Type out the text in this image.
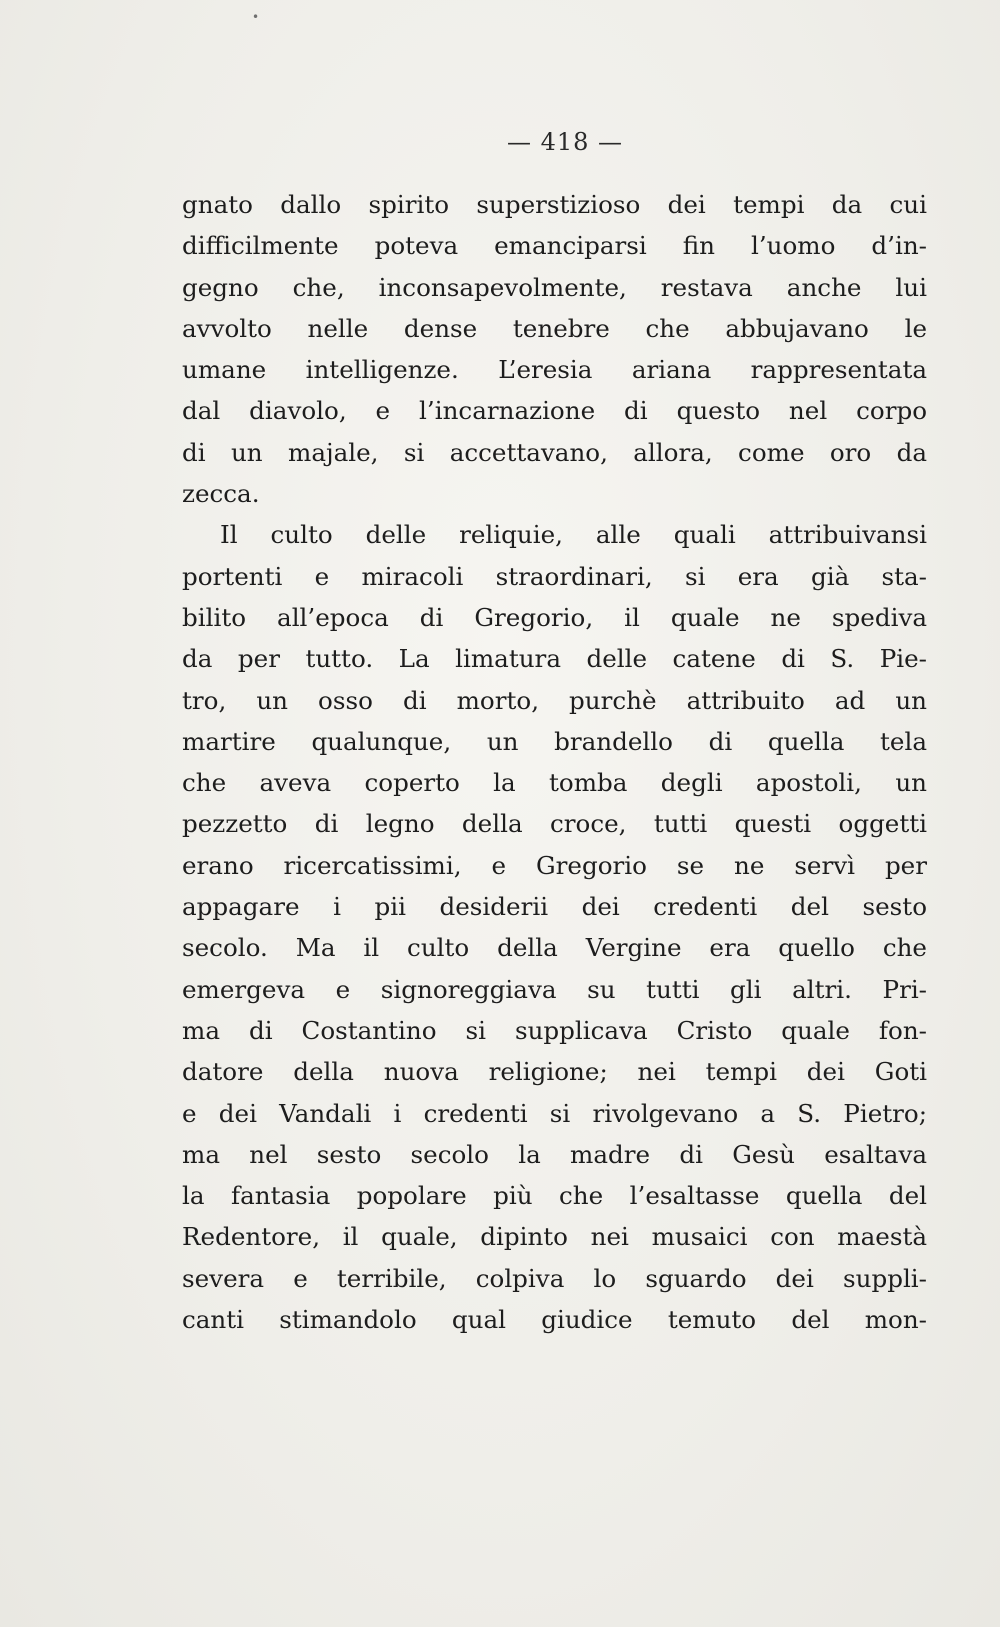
•
— 418 —
gnato dallo spirito superstizioso dei tempi da cui
difficilmente poteva emanciparsi fin l’uomo d’in-
gegno che, inconsapevolmente, restava anche lui
avvolto nelle dense tenebre che abbujavano le
umane intelligenze. L’eresia ariana rappresentata
dal diavolo, e l’incarnazione di questo nel corpo
di un majale, si accettavano, allora, come oro da
zecca.
Il culto delle reliquie, alle quali attribuivansi
portenti e miracoli straordinari, si era già sta-
bilito all’epoca di Gregorio, il quale ne spediva
da per tutto. La limatura delle catene di S. Pie-
tro, un osso di morto, purchè attribuito ad un
martire qualunque, un brandello di quella tela
che aveva coperto la tomba degli apostoli, un
pezzetto di legno della croce, tutti questi oggetti
erano ricercatissimi, e Gregorio se ne servì per
appagare i pii desiderii dei credenti del sesto
secolo. Ma il culto della Vergine era quello che
emergeva e signoreggiava su tutti gli altri. Pri-
ma di Costantino si supplicava Cristo quale fon-
datore della nuova religione; nei tempi dei Goti
e dei Vandali i credenti si rivolgevano a S. Pietro;
ma nel sesto secolo la madre di Gesù esaltava
la fantasia popolare più che l’esaltasse quella del
Redentore, il quale, dipinto nei musaici con maestà
severa e terribile, colpiva lo sguardo dei suppli-
canti stimandolo qual giudice temuto del mon-
